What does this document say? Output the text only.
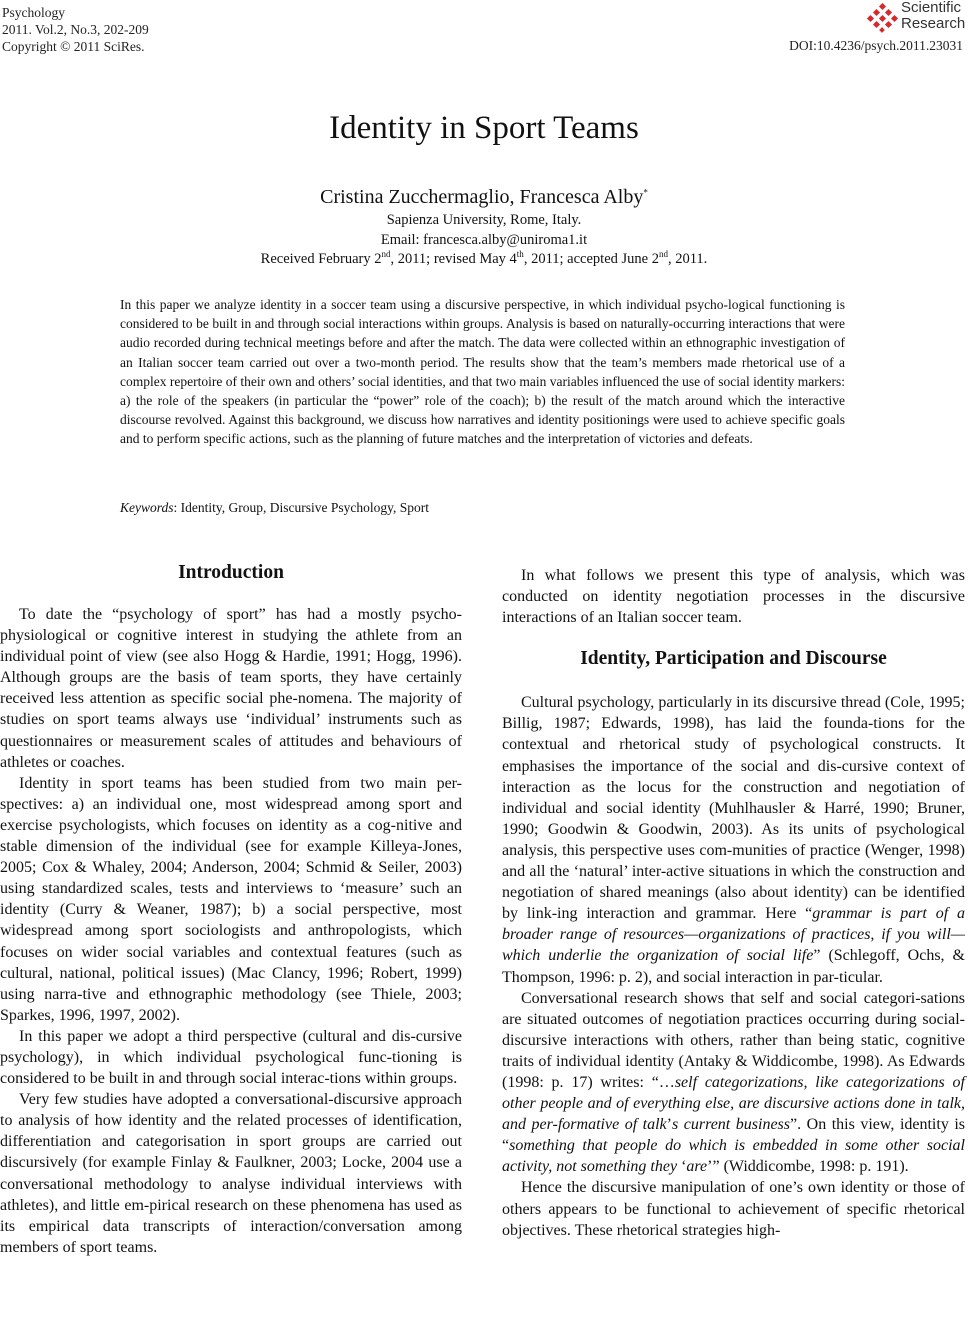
Psychology
2011. Vol.2, No.3, 202-209
Copyright © 2011 SciRes.
Scientific
Research
DOI:10.4236/psych.2011.23031
Identity in Sport Teams
Cristina Zucchermaglio, Francesca Alby*
Sapienza University, Rome, Italy.
Email: francesca.alby@uniroma1.it
Received February 2nd, 2011; revised May 4th, 2011; accepted June 2nd, 2011.
In this paper we analyze identity in a soccer team using a discursive perspective, in which individual psycho-logical functioning is considered to be built in and through social interactions within groups. Analysis is based on naturally-occurring interactions that were audio recorded during technical meetings before and after the match. The data were collected within an ethnographic investigation of an Italian soccer team carried out over a two-month period. The results show that the team’s members made rhetorical use of a complex repertoire of their own and others’ social identities, and that two main variables influenced the use of social identity markers: a) the role of the speakers (in particular the “power” role of the coach); b) the result of the match around which the interactive discourse revolved. Against this background, we discuss how narratives and identity positionings were used to achieve specific goals and to perform specific actions, such as the planning of future matches and the interpretation of victories and defeats.
Keywords: Identity, Group, Discursive Psychology, Sport
Introduction

To date the “psychology of sport” has had a mostly psycho-physiological or cognitive interest in studying the athlete from an individual point of view (see also Hogg & Hardie, 1991; Hogg, 1996). Although groups are the basis of team sports, they have certainly received less attention as specific social phe-nomena. The majority of studies on sport teams always use ‘individual’ instruments such as questionnaires or measurement scales of attitudes and behaviours of athletes or coaches.

Identity in sport teams has been studied from two main per-spectives: a) an individual one, most widespread among sport and exercise psychologists, which focuses on identity as a cog-nitive and stable dimension of the individual (see for example Killeya-Jones, 2005; Cox & Whaley, 2004; Anderson, 2004; Schmid & Seiler, 2003) using standardized scales, tests and interviews to ‘measure’ such an identity (Curry & Weaner, 1987); b) a social perspective, most widespread among sport sociologists and anthropologists, which focuses on wider social variables and contextual features (such as cultural, national, political issues) (Mac Clancy, 1996; Robert, 1999) using narra-tive and ethnographic methodology (see Thiele, 2003; Sparkes, 1996, 1997, 2002).

In this paper we adopt a third perspective (cultural and dis-cursive psychology), in which individual psychological func-tioning is considered to be built in and through social interac-tions within groups.

Very few studies have adopted a conversational-discursive approach to analysis of how identity and the related processes of identification, differentiation and categorisation in sport groups are carried out discursively (for example Finlay & Faulkner, 2003; Locke, 2004 use a conversational methodology to analyse individual interviews with athletes), and little em-pirical research on these phenomena has used as its empirical data transcripts of interaction/conversation among members of sport teams.

In what follows we present this type of analysis, which was conducted on identity negotiation processes in the discursive interactions of an Italian soccer team.

Identity, Participation and Discourse

Cultural psychology, particularly in its discursive thread (Cole, 1995; Billig, 1987; Edwards, 1998), has laid the founda-tions for the contextual and rhetorical study of psychological constructs. It emphasises the importance of the social and dis-cursive context of interaction as the locus for the construction and negotiation of individual and social identity (Muhlhausler & Harré, 1990; Bruner, 1990; Goodwin & Goodwin, 2003). As its units of psychological analysis, this perspective uses com-munities of practice (Wenger, 1998) and all the ‘natural’ inter-active situations in which the construction and negotiation of shared meanings (also about identity) can be identified by link-ing interaction and grammar. Here “grammar is part of a broader range of resources—organizations of practices, if you will—which underlie the organization of social life” (Schlegoff, Ochs, & Thompson, 1996: p. 2), and social interaction in par-ticular.

Conversational research shows that self and social categori-sations are situated outcomes of negotiation practices occurring during social-discursive interactions with others, rather than being static, cognitive traits of individual identity (Antaky & Widdicombe, 1998). As Edwards (1998: p. 17) writes: “…self categorizations, like categorizations of other people and of everything else, are discursive actions done in talk, and per-formative of talk’s current business”. On this view, identity is “something that people do which is embedded in some other social activity, not something they ‘are’” (Widdicombe, 1998: p. 191).

Hence the discursive manipulation of one’s own identity or those of others appears to be functional to achievement of specific rhetorical objectives. These rhetorical strategies high-
